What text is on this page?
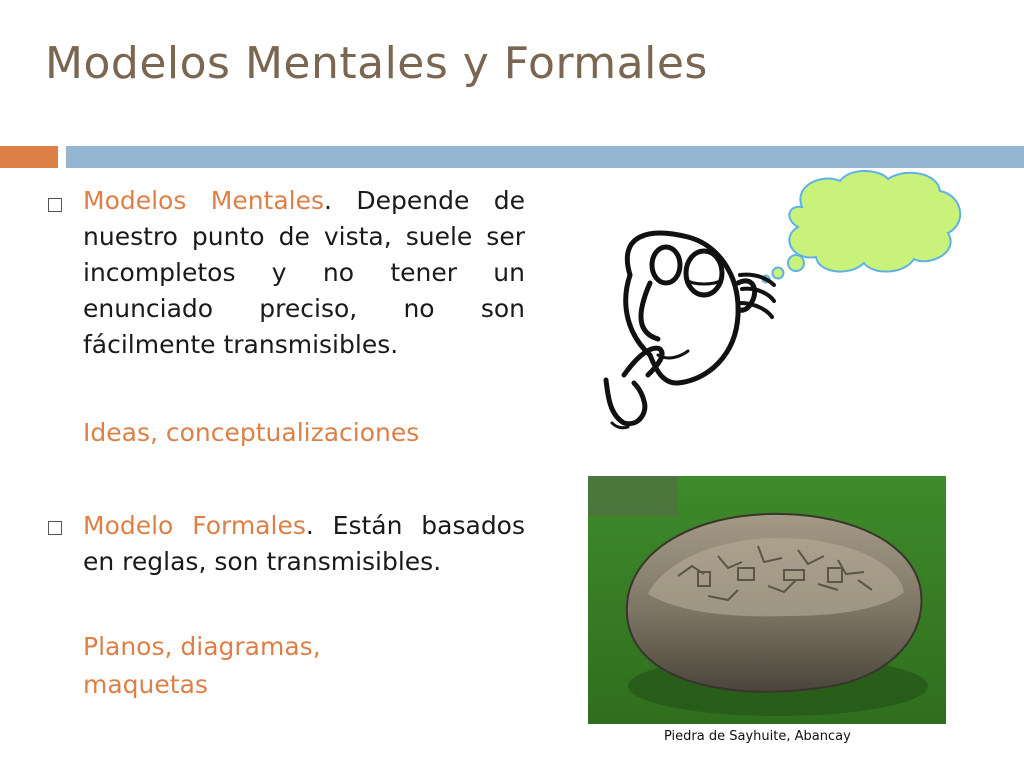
Modelos Mentales y Formales
Modelos Mentales. Depende de nuestro punto de vista, suele ser incompletos y no tener un enunciado preciso, no son fácilmente transmisibles.
Ideas, conceptualizaciones
Modelo Formales. Están basados en reglas, son transmisibles.
Planos, diagramas,
maquetas
Piedra de Sayhuite, Abancay
